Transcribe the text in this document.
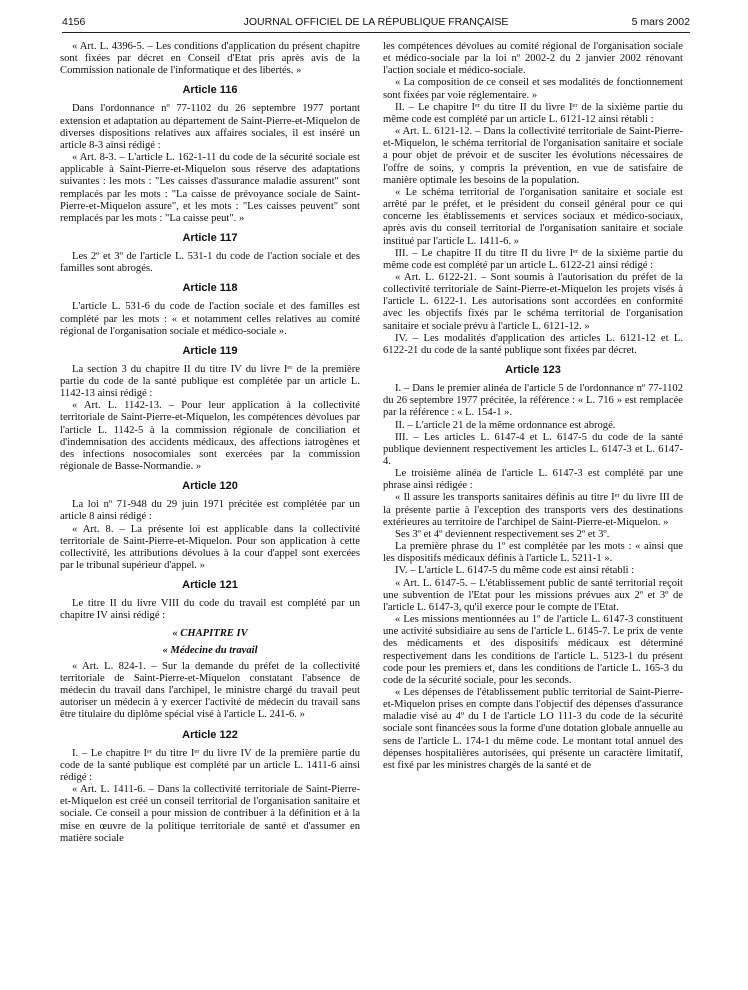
4156	JOURNAL OFFICIEL DE LA RÉPUBLIQUE FRANÇAISE	5 mars 2002

« Art. L. 4396-5. – Les conditions d'application du présent chapitre sont fixées par décret en Conseil d'Etat pris après avis de la Commission nationale de l'informatique et des libertés. »

Article 116

Dans l'ordonnance nº 77-1102 du 26 septembre 1977 portant extension et adaptation au département de Saint-Pierre-et-Miquelon de diverses dispositions relatives aux affaires sociales, il est inséré un article 8-3 ainsi rédigé :

« Art. 8-3. – L'article L. 162-1-11 du code de la sécurité sociale est applicable à Saint-Pierre-et-Miquelon sous réserve des adaptations suivantes : les mots : "Les caisses d'assurance maladie assurent" sont remplacés par les mots : "La caisse de prévoyance sociale de Saint-Pierre-et-Miquelon assure", et les mots : "Les caisses peuvent" sont remplacés par les mots : "La caisse peut". »

Article 117

Les 2º et 3º de l'article L. 531-1 du code de l'action sociale et des familles sont abrogés.

Article 118

L'article L. 531-6 du code de l'action sociale et des familles est complété par les mots : « et notamment celles relatives au comité régional de l'organisation sociale et médico-sociale ».

Article 119

La section 3 du chapitre II du titre IV du livre Iᵉʳ de la première partie du code de la santé publique est complétée par un article L. 1142-13 ainsi rédigé :

« Art. L. 1142-13. – Pour leur application à la collectivité territoriale de Saint-Pierre-et-Miquelon, les compétences dévolues par l'article L. 1142-5 à la commission régionale de conciliation et d'indemnisation des accidents médicaux, des affections iatrogènes et des infections nosocomiales sont exercées par la commission régionale de Basse-Normandie. »

Article 120

La loi nº 71-948 du 29 juin 1971 précitée est complétée par un article 8 ainsi rédigé :

« Art. 8. – La présente loi est applicable dans la collectivité territoriale de Saint-Pierre-et-Miquelon. Pour son application à cette collectivité, les attributions dévolues à la cour d'appel sont exercées par le tribunal supérieur d'appel. »

Article 121

Le titre II du livre VIII du code du travail est complété par un chapitre IV ainsi rédigé :

« CHAPITRE IV

« Médecine du travail

« Art. L. 824-1. – Sur la demande du préfet de la collectivité territoriale de Saint-Pierre-et-Miquelon constatant l'absence de médecin du travail dans l'archipel, le ministre chargé du travail peut autoriser un médecin à y exercer l'activité de médecin du travail sans être titulaire du diplôme spécial visé à l'article L. 241-6. »

Article 122

I. – Le chapitre Iᵉʳ du titre Iᵉʳ du livre IV de la première partie du code de la santé publique est complété par un article L. 1411-6 ainsi rédigé :

« Art. L. 1411-6. – Dans la collectivité territoriale de Saint-Pierre-et-Miquelon est créé un conseil territorial de l'organisation sanitaire et sociale. Ce conseil a pour mission de contribuer à la définition et à la mise en œuvre de la politique territoriale de santé et d'assumer en matière sociale

les compétences dévolues au comité régional de l'organisation sociale et médico-sociale par la loi nº 2002-2 du 2 janvier 2002 rénovant l'action sociale et médico-sociale.

« La composition de ce conseil et ses modalités de fonctionnement sont fixées par voie réglementaire. »

II. – Le chapitre Iᵉʳ du titre II du livre Iᵉʳ de la sixième partie du même code est complété par un article L. 6121-12 ainsi rétabli :

« Art. L. 6121-12. – Dans la collectivité territoriale de Saint-Pierre-et-Miquelon, le schéma territorial de l'organisation sanitaire et sociale a pour objet de prévoir et de susciter les évolutions nécessaires de l'offre de soins, y compris la prévention, en vue de satisfaire de manière optimale les besoins de la population.

« Le schéma territorial de l'organisation sanitaire et sociale est arrêté par le préfet, et le président du conseil général pour ce qui concerne les établissements et services sociaux et médico-sociaux, après avis du conseil territorial de l'organisation sanitaire et sociale institué par l'article L. 1411-6. »

III. – Le chapitre II du titre II du livre Iᵉʳ de la sixième partie du même code est complété par un article L. 6122-21 ainsi rédigé :

« Art. L. 6122-21. – Sont soumis à l'autorisation du préfet de la collectivité territoriale de Saint-Pierre-et-Miquelon les projets visés à l'article L. 6122-1. Les autorisations sont accordées en conformité avec les objectifs fixés par le schéma territorial de l'organisation sanitaire et sociale prévu à l'article L. 6121-12. »

IV. – Les modalités d'application des articles L. 6121-12 et L. 6122-21 du code de la santé publique sont fixées par décret.

Article 123

I. – Dans le premier alinéa de l'article 5 de l'ordonnance nº 77-1102 du 26 septembre 1977 précitée, la référence : « L. 716 » est remplacée par la référence : « L. 154-1 ».

II. – L'article 21 de la même ordonnance est abrogé.

III. – Les articles L. 6147-4 et L. 6147-5 du code de la santé publique deviennent respectivement les articles L. 6147-3 et L. 6147-4.

Le troisième alinéa de l'article L. 6147-3 est complété par une phrase ainsi rédigée :

« Il assure les transports sanitaires définis au titre Iᵉʳ du livre III de la présente partie à l'exception des transports vers des destinations extérieures au territoire de l'archipel de Saint-Pierre-et-Miquelon. »

Ses 3º et 4º deviennent respectivement ses 2º et 3º.

La première phrase du 1º est complétée par les mots : « ainsi que les dispositifs médicaux définis à l'article L. 5211-1 ».

IV. – L'article L. 6147-5 du même code est ainsi rétabli :

« Art. L. 6147-5. – L'établissement public de santé territorial reçoit une subvention de l'Etat pour les missions prévues aux 2º et 3º de l'article L. 6147-3, qu'il exerce pour le compte de l'Etat.

« Les missions mentionnées au 1º de l'article L. 6147-3 constituent une activité subsidiaire au sens de l'article L. 6145-7. Le prix de vente des médicaments et des dispositifs médicaux est déterminé respectivement dans les conditions de l'article L. 5123-1 du présent code pour les premiers et, dans les conditions de l'article L. 165-3 du code de la sécurité sociale, pour les seconds.

« Les dépenses de l'établissement public territorial de Saint-Pierre-et-Miquelon prises en compte dans l'objectif des dépenses d'assurance maladie visé au 4º du I de l'article LO 111-3 du code de la sécurité sociale sont financées sous la forme d'une dotation globale annuelle au sens de l'article L. 174-1 du même code. Le montant total annuel des dépenses hospitalières autorisées, qui présente un caractère limitatif, est fixé par les ministres chargés de la santé et de
